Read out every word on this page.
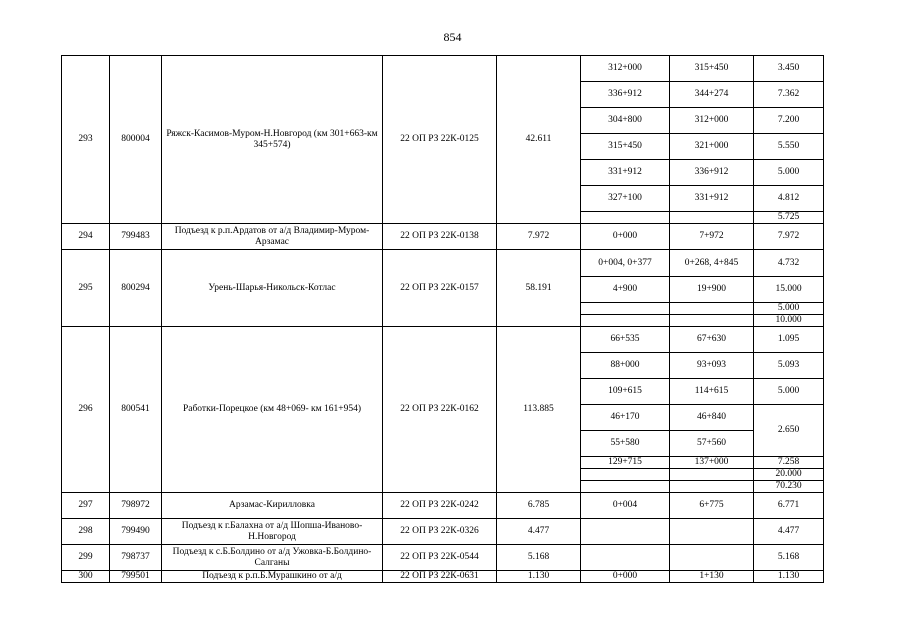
854
293	800004	Ряжск-Касимов-Муром-Н.Новгород (км 301+663-км 345+574)	22 ОП РЗ 22К-0125	42.611	312+000	315+450	3.450
					336+912	344+274	7.362
					304+800	312+000	7.200
					315+450	321+000	5.550
					331+912	336+912	5.000
					327+100	331+912	4.812
							5.725
294	799483	Подъезд к р.п.Ардатов от а/д Владимир-Муром-Арзамас	22 ОП РЗ 22К-0138	7.972	0+000	7+972	7.972
295	800294	Урень-Шарья-Никольск-Котлас	22 ОП РЗ 22К-0157	58.191	0+004, 0+377	0+268, 4+845	4.732
					4+900	19+900	15.000
							5.000
							10.000
296	800541	Работки-Порецкое (км 48+069- км 161+954)	22 ОП РЗ 22К-0162	113.885	66+535	67+630	1.095
					88+000	93+093	5.093
					109+615	114+615	5.000
					46+170	46+840	2.650
					55+580	57+560	
					129+715	137+000	7.258
							20.000
							70.230
297	798972	Арзамас-Кирилловка	22 ОП РЗ 22К-0242	6.785	0+004	6+775	6.771
298	799490	Подъезд к г.Балахна от а/д Шопша-Иваново-Н.Новгород	22 ОП РЗ 22К-0326	4.477			4.477
299	798737	Подъезд к с.Б.Болдино от а/д Ужовка-Б.Болдино-Салганы	22 ОП РЗ 22К-0544	5.168			5.168
300	799501	Подъезд к р.п.Б.Мурашкино от а/д	22 ОП РЗ 22К-0631	1.130	0+000	1+130	1.130
